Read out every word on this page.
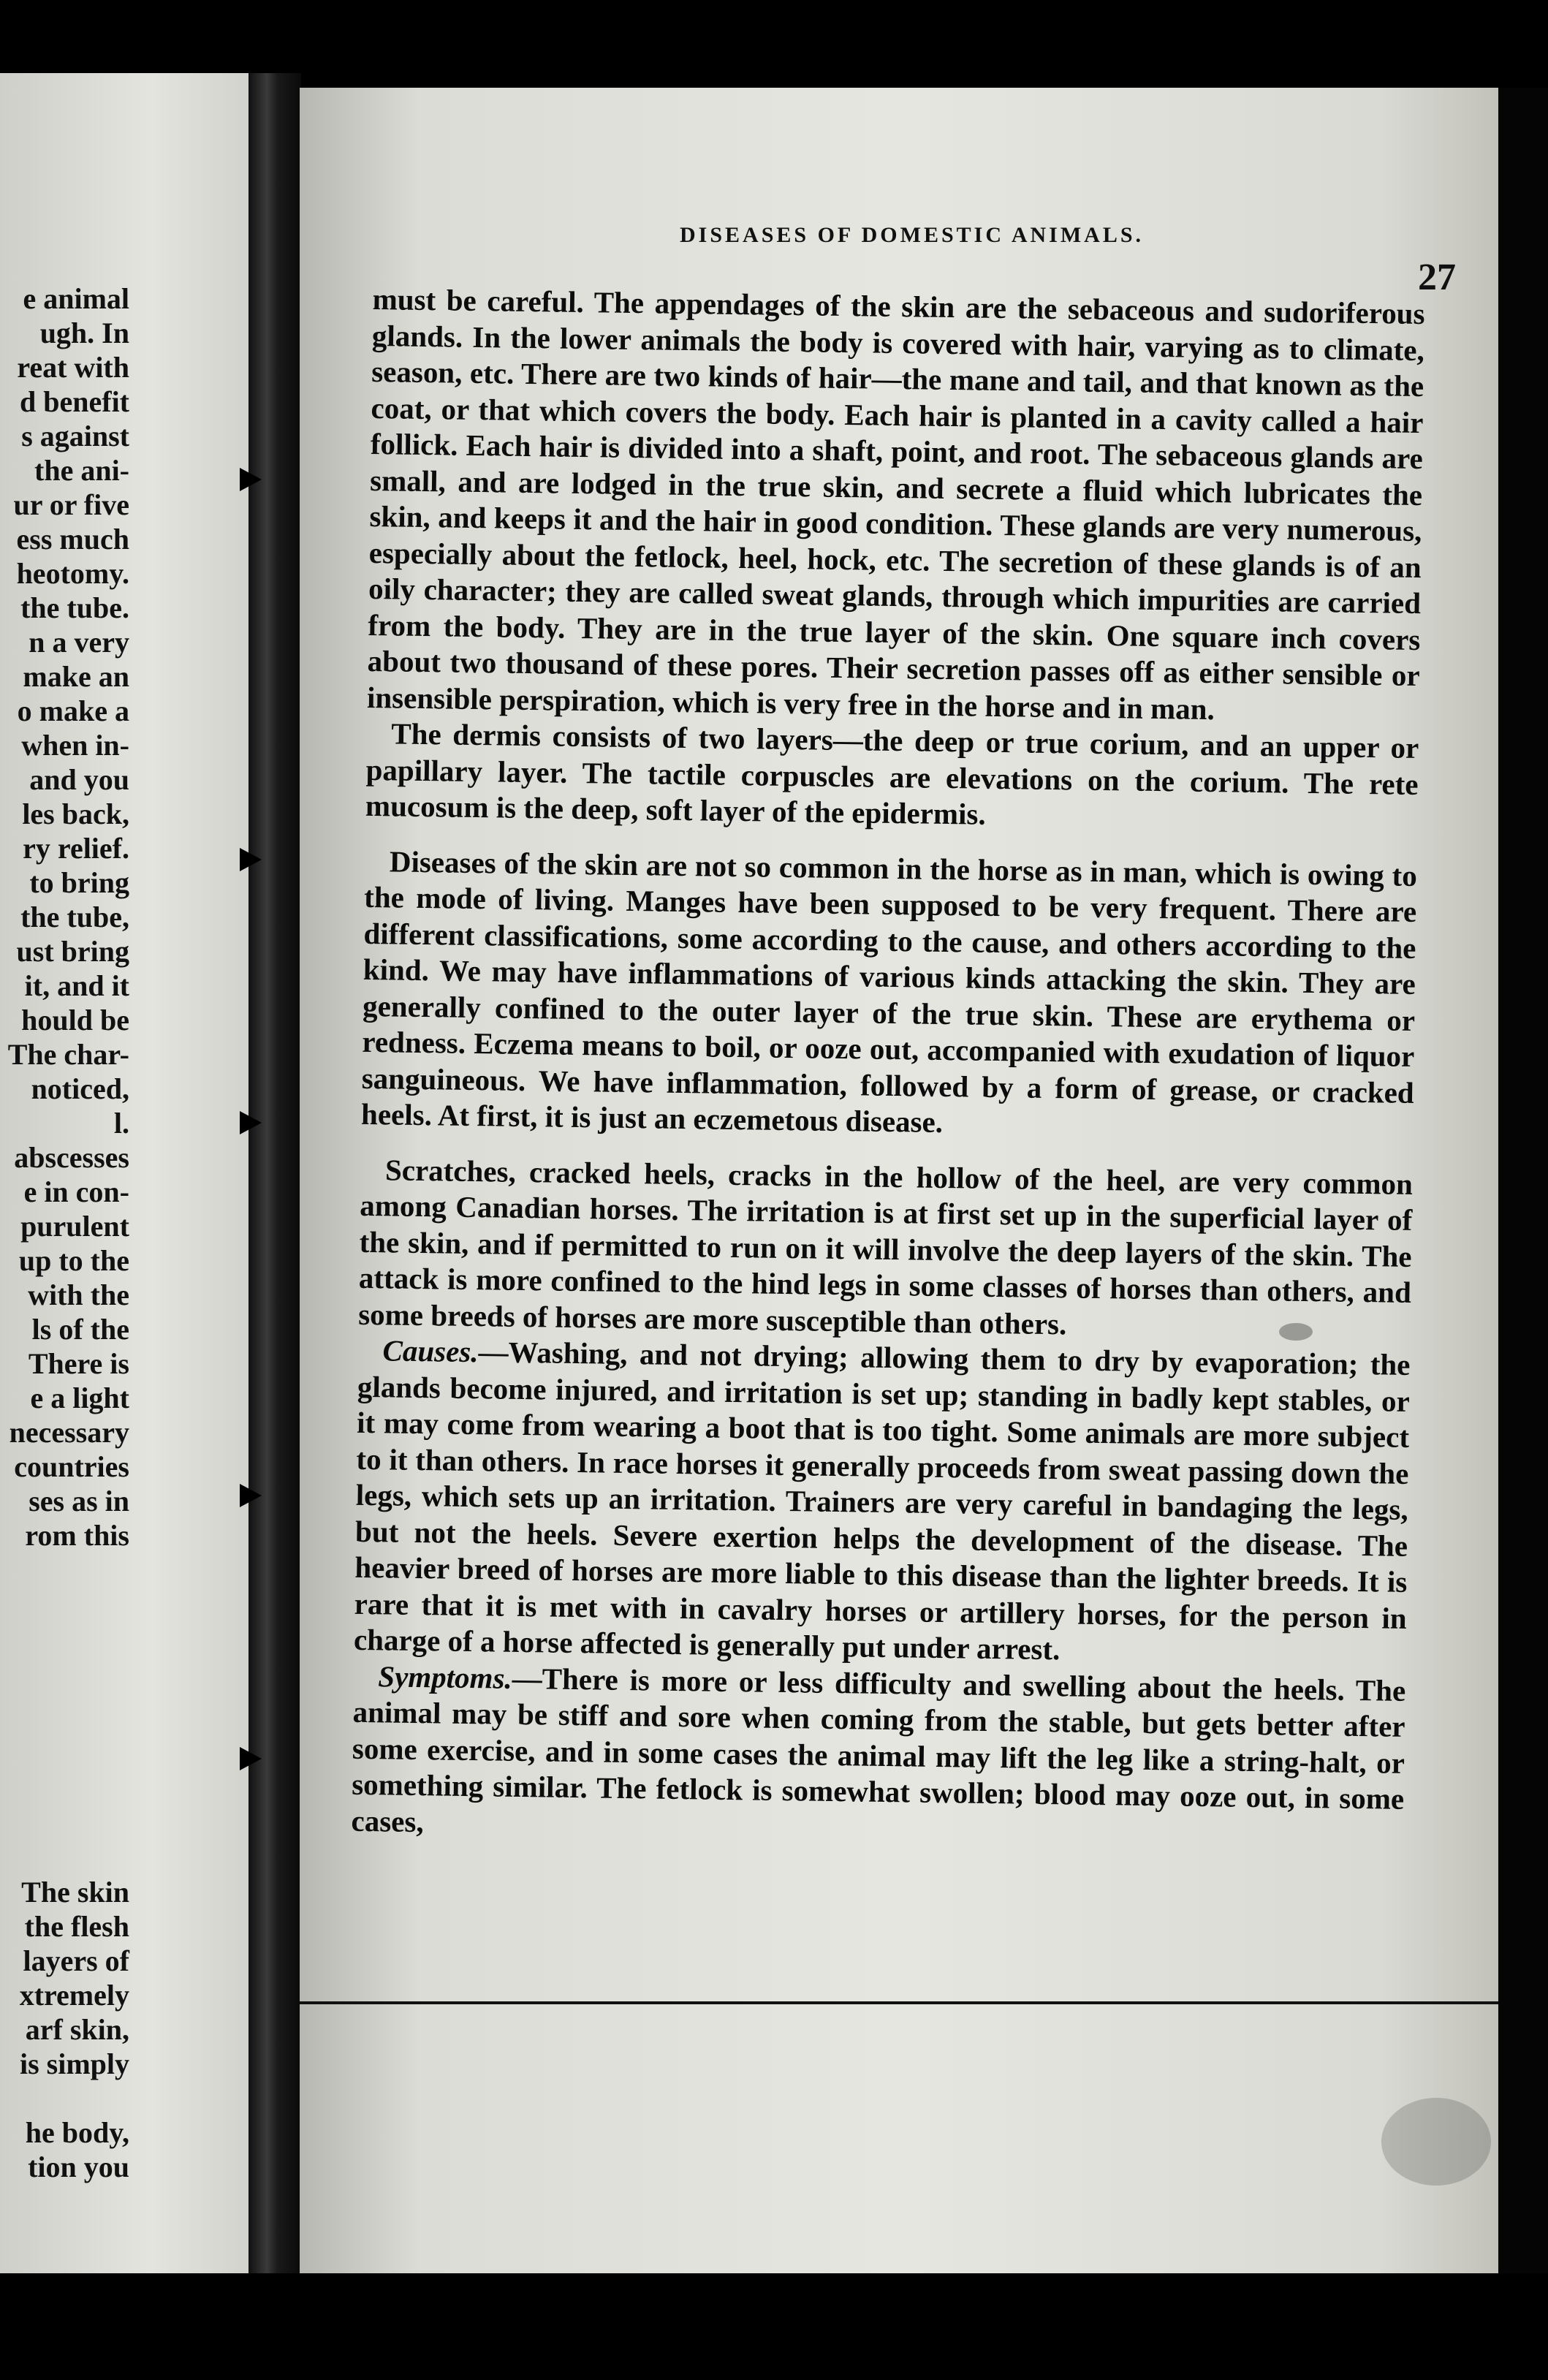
e animal
ugh. In
reat with
d benefit
s against
the ani-
ur or five
ess much
heotomy.
the tube.
n a very
make an
o make a
when in-
and you
les back,
ry relief.
to bring
the tube,
ust bring
it, and it
hould be
The char-
noticed,
l.
abscesses
e in con-
purulent
up to the
with the
ls of the
There is
e a light
necessary
countries
ses as in
rom this
The skin
the flesh
layers of
xtremely
arf skin,
is simply
he body,
tion you
DISEASES OF DOMESTIC ANIMALS.
27

must be careful. The appendages of the skin are the sebaceous and sudoriferous glands. In the lower animals the body is covered with hair, varying as to climate, season, etc. There are two kinds of hair—the mane and tail, and that known as the coat, or that which covers the body. Each hair is planted in a cavity called a hair follick. Each hair is divided into a shaft, point, and root. The sebaceous glands are small, and are lodged in the true skin, and secrete a fluid which lubricates the skin, and keeps it and the hair in good condition. These glands are very numerous, especially about the fetlock, heel, hock, etc. The secretion of these glands is of an oily character; they are called sweat glands, through which impurities are carried from the body. They are in the true layer of the skin. One square inch covers about two thousand of these pores. Their secretion passes off as either sensible or insensible perspiration, which is very free in the horse and in man.

The dermis consists of two layers—the deep or true corium, and an upper or papillary layer. The tactile corpuscles are elevations on the corium. The rete mucosum is the deep, soft layer of the epidermis.

Diseases of the skin are not so common in the horse as in man, which is owing to the mode of living. Manges have been supposed to be very frequent. There are different classifications, some according to the cause, and others according to the kind. We may have inflammations of various kinds attacking the skin. They are generally confined to the outer layer of the true skin. These are erythema or redness. Eczema means to boil, or ooze out, accompanied with exudation of liquor sanguineous. We have inflammation, followed by a form of grease, or cracked heels. At first, it is just an eczemetous disease.

Scratches, cracked heels, cracks in the hollow of the heel, are very common among Canadian horses. The irritation is at first set up in the superficial layer of the skin, and if permitted to run on it will involve the deep layers of the skin. The attack is more confined to the hind legs in some classes of horses than others, and some breeds of horses are more susceptible than others.

Causes.—Washing, and not drying; allowing them to dry by evaporation; the glands become injured, and irritation is set up; standing in badly kept stables, or it may come from wearing a boot that is too tight. Some animals are more subject to it than others. In race horses it generally proceeds from sweat passing down the legs, which sets up an irritation. Trainers are very careful in bandaging the legs, but not the heels. Severe exertion helps the development of the disease. The heavier breed of horses are more liable to this disease than the lighter breeds. It is rare that it is met with in cavalry horses or artillery horses, for the person in charge of a horse affected is generally put under arrest.

Symptoms.—There is more or less difficulty and swelling about the heels. The animal may be stiff and sore when coming from the stable, but gets better after some exercise, and in some cases the animal may lift the leg like a string-halt, or something similar. The fetlock is somewhat swollen; blood may ooze out, in some cases,
